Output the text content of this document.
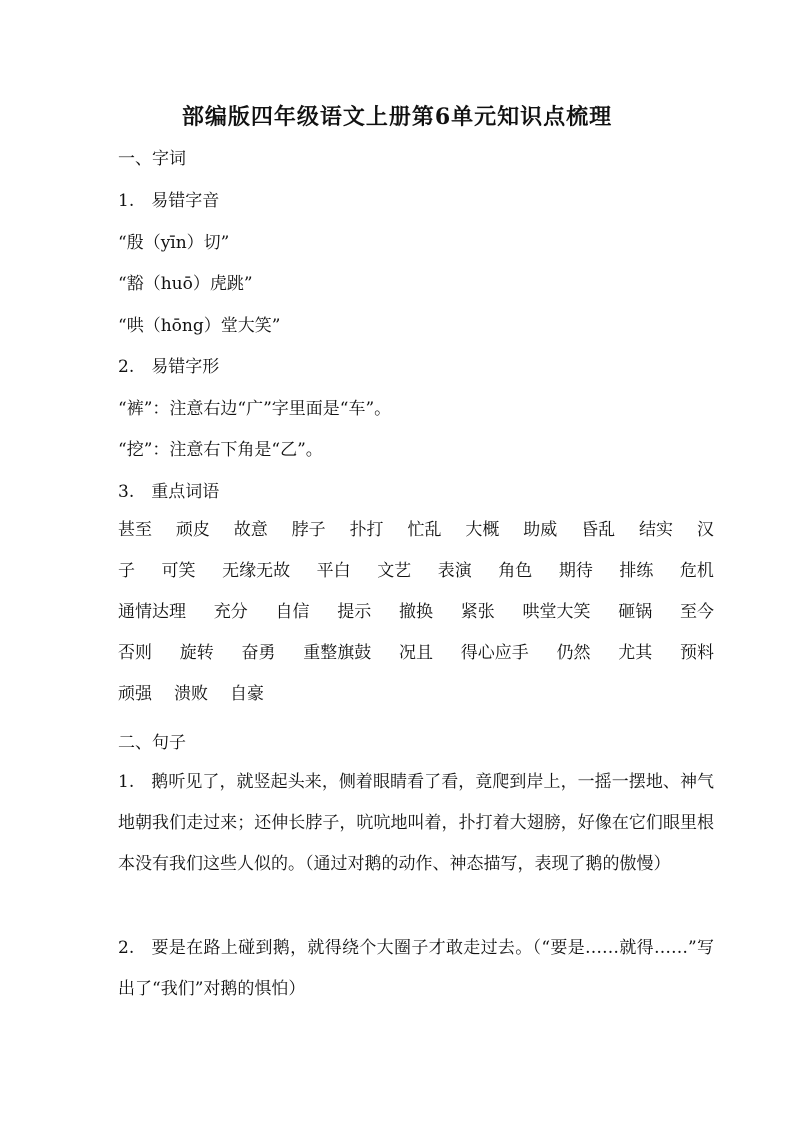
部编版四年级语文上册第6单元知识点梳理
一、字词
1. 易错字音
“殷（yīn）切”
“豁（huō）虎跳”
“哄（hōng）堂大笑”
2. 易错字形
“裤”：注意右边“广”字里面是“车”。
“挖”：注意右下角是“乙”。
3. 重点词语
甚至 顽皮 故意 脖子 扑打 忙乱 大概 助威 昏乱 结实 汉
子 可笑 无缘无故 平白 文艺 表演 角色 期待 排练 危机
通情达理 充分 自信 提示 撤换 紧张 哄堂大笑 砸锅 至今
否则 旋转 奋勇 重整旗鼓 况且 得心应手 仍然 尤其 预料
顽强 溃败 自豪
二、句子
1. 鹅听见了，就竖起头来，侧着眼睛看了看，竟爬到岸上，一摇一摆地、神气地朝我们走过来；还伸长脖子，吭吭地叫着，扑打着大翅膀，好像在它们眼里根本没有我们这些人似的。（通过对鹅的动作、神态描写，表现了鹅的傲慢）
2. 要是在路上碰到鹅，就得绕个大圈子才敢走过去。（“要是……就得……”写出了“我们”对鹅的惧怕）
